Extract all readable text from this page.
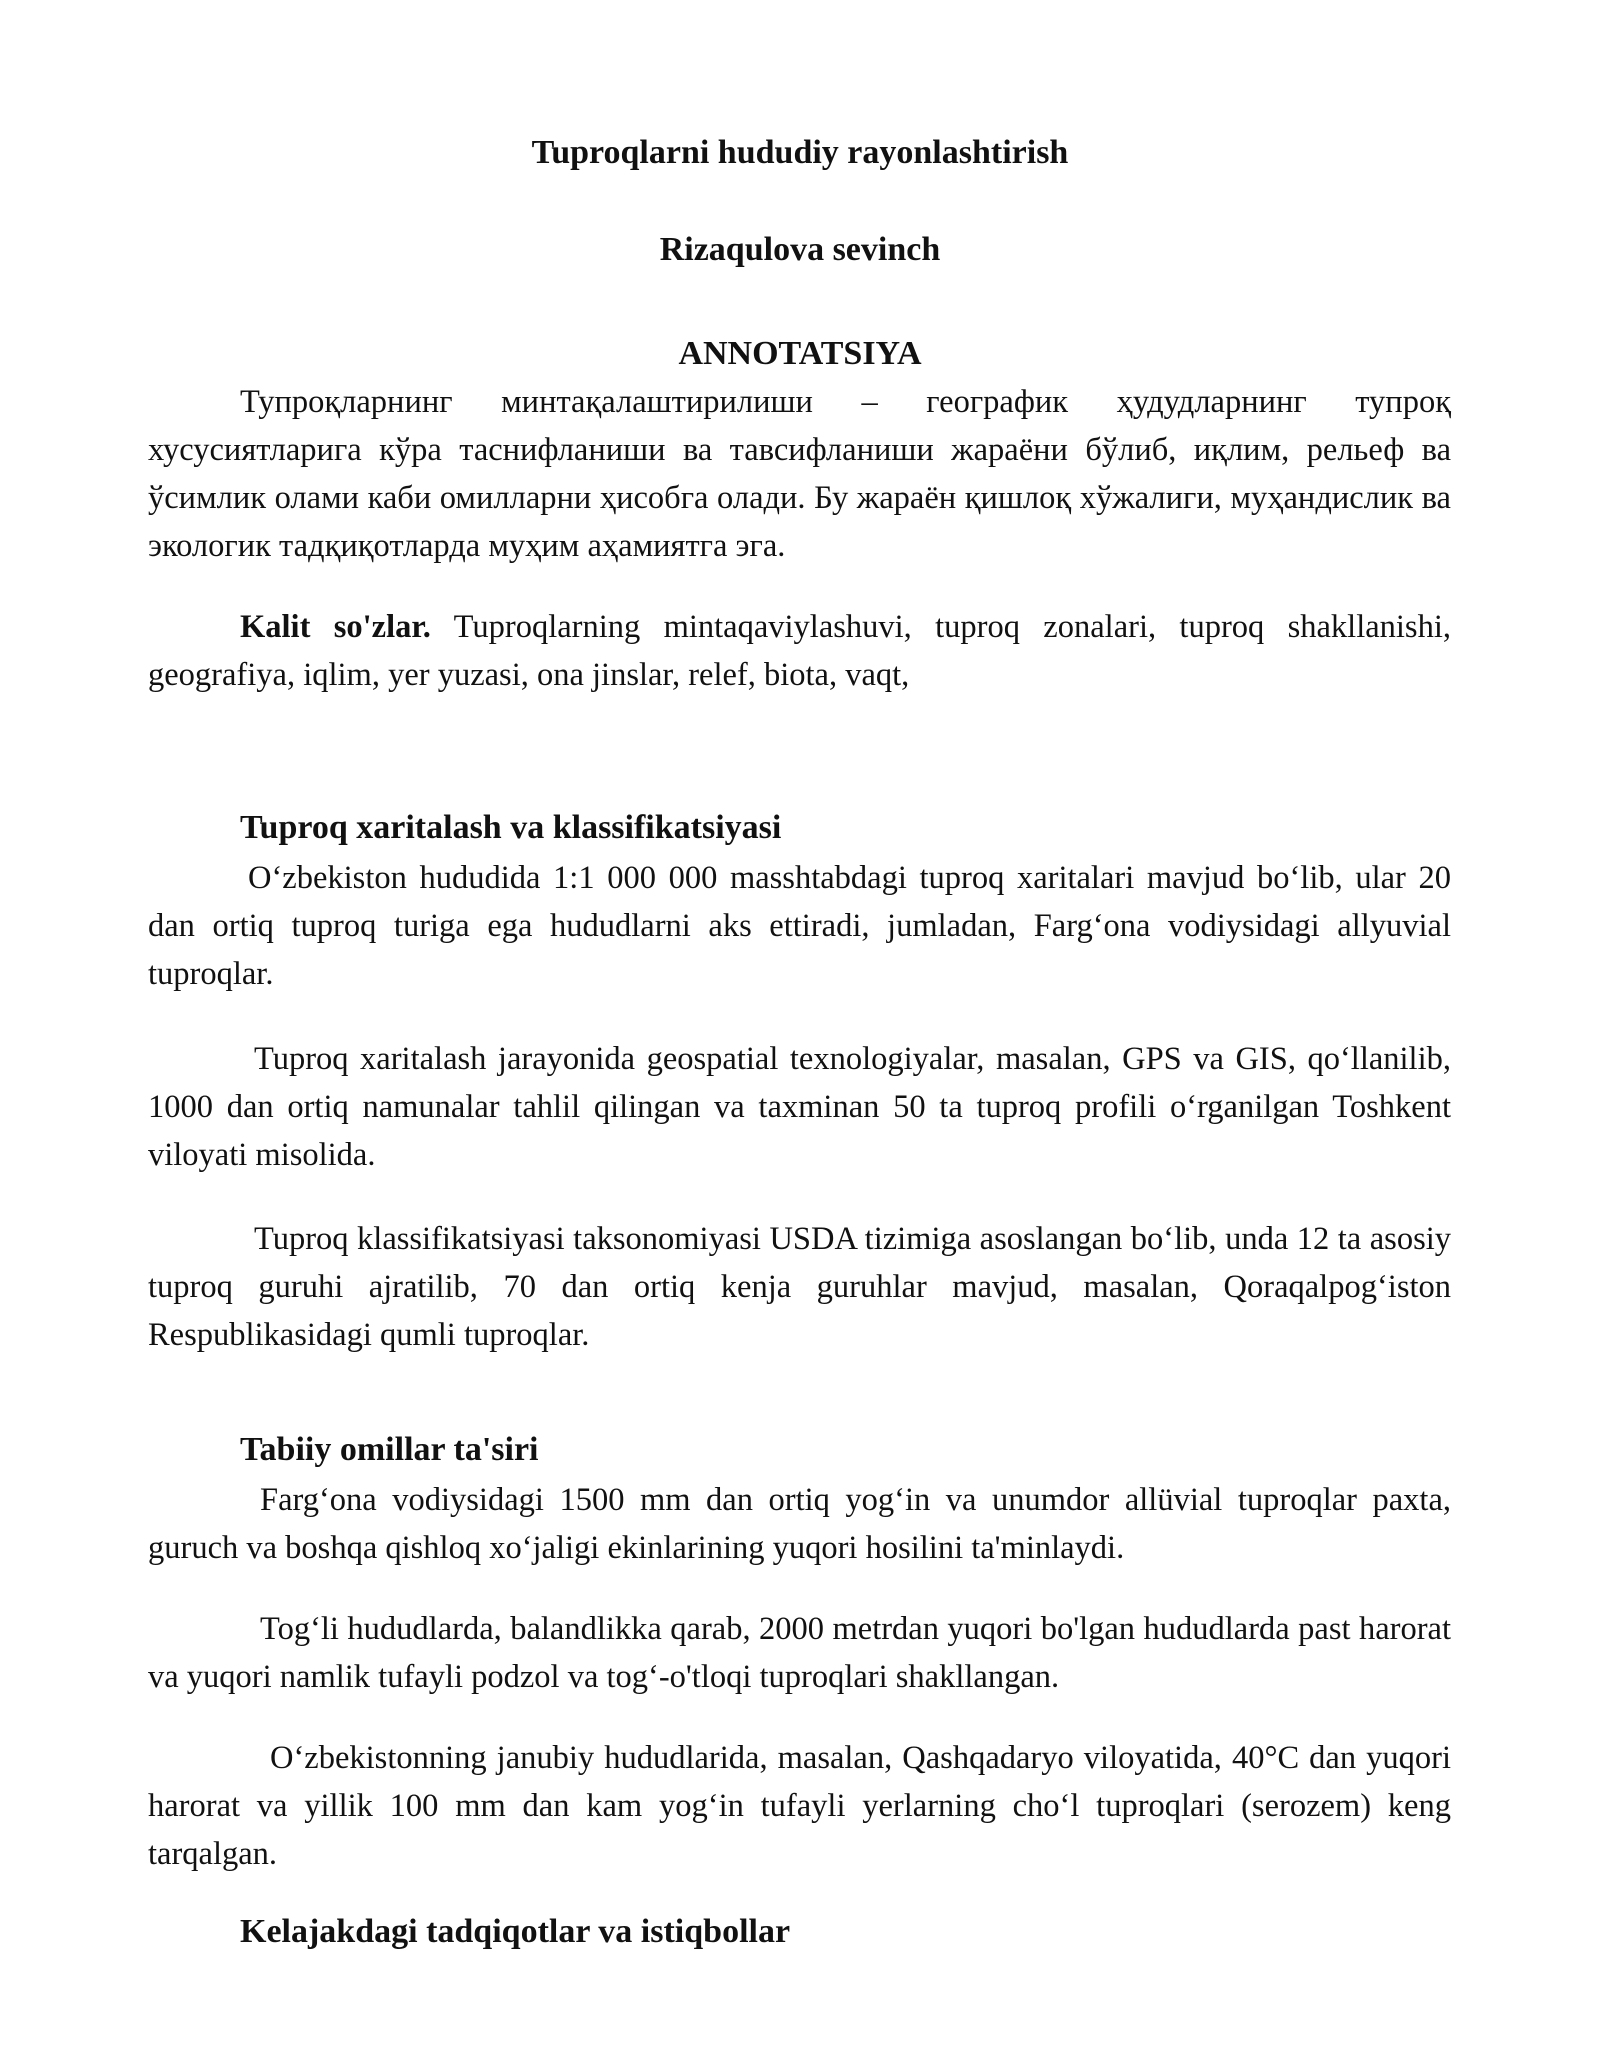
Tuproqlarni hududiy rayonlashtirish

Rizaqulova sevinch

ANNOTATSIYA

Тупроқларнинг минтақалаштирилиши – географик ҳудудларнинг тупроқ хусусиятларига кўра таснифланиши ва тавсифланиши жараёни бўлиб, иқлим, рельеф ва ўсимлик олами каби омилларни ҳисобга олади. Бу жараён қишлоқ хўжалиги, муҳандислик ва экологик тадқиқотларда муҳим аҳамиятга эга.

Kalit so'zlar. Tuproqlarning mintaqaviylashuvi, tuproq zonalari, tuproq shakllanishi, geografiya, iqlim, yer yuzasi, ona jinslar, relef, biota, vaqt,

Tuproq xaritalash va klassifikatsiyasi

O‘zbekiston hududida 1:1 000 000 masshtabdagi tuproq xaritalari mavjud bo‘lib, ular 20 dan ortiq tuproq turiga ega hududlarni aks ettiradi, jumladan, Farg‘ona vodiysidagi allyuvial tuproqlar.

Tuproq xaritalash jarayonida geospatial texnologiyalar, masalan, GPS va GIS, qo‘llanilib, 1000 dan ortiq namunalar tahlil qilingan va taxminan 50 ta tuproq profili o‘rganilgan Toshkent viloyati misolida.

Tuproq klassifikatsiyasi taksonomiyasi USDA tizimiga asoslangan bo‘lib, unda 12 ta asosiy tuproq guruhi ajratilib, 70 dan ortiq kenja guruhlar mavjud, masalan, Qoraqalpog‘iston Respublikasidagi qumli tuproqlar.

Tabiiy omillar ta'siri

Farg‘ona vodiysidagi 1500 mm dan ortiq yog‘in va unumdor allüvial tuproqlar paxta, guruch va boshqa qishloq xo‘jaligi ekinlarining yuqori hosilini ta'minlaydi.

Tog‘li hududlarda, balandlikka qarab, 2000 metrdan yuqori bo'lgan hududlarda past harorat va yuqori namlik tufayli podzol va tog‘-o'tloqi tuproqlari shakllangan.

O‘zbekistonning janubiy hududlarida, masalan, Qashqadaryo viloyatida, 40°C dan yuqori harorat va yillik 100 mm dan kam yog‘in tufayli yerlarning cho‘l tuproqlari (serozem) keng tarqalgan.

Kelajakdagi tadqiqotlar va istiqbollar
